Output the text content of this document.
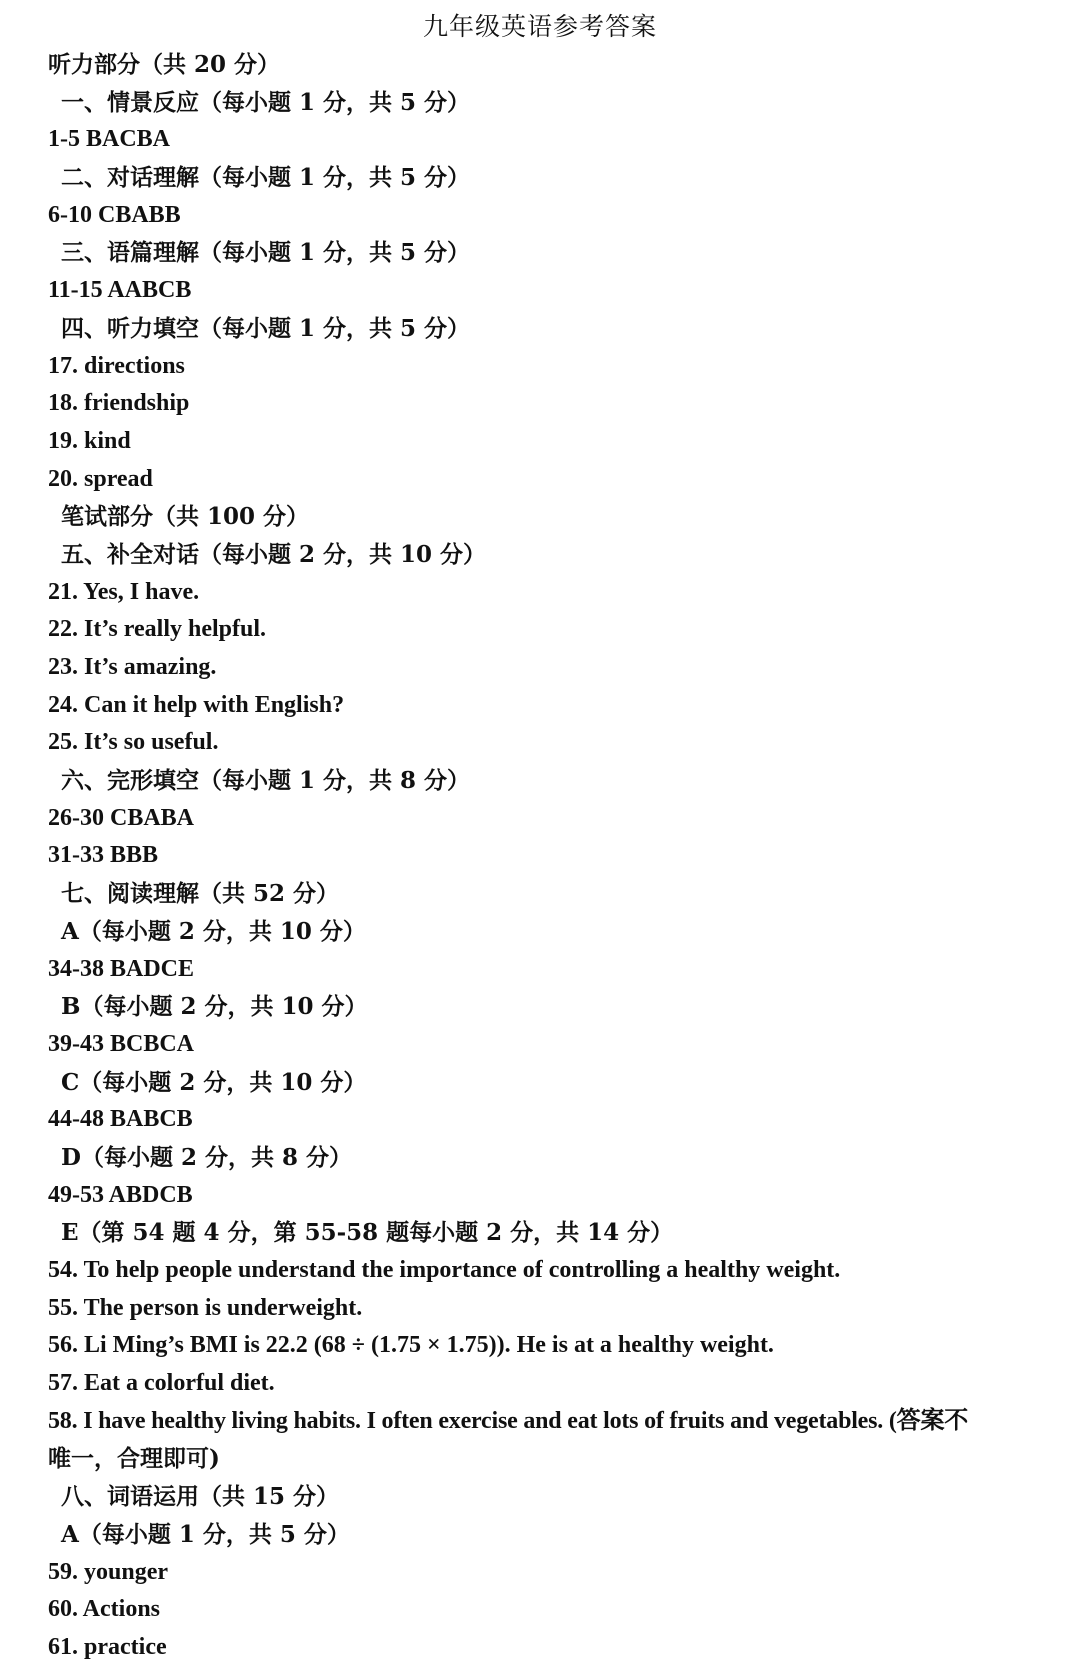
九年级英语参考答案
听力部分（共 20 分）
一、情景反应（每小题 1 分，共 5 分）
1-5 BACBA
二、对话理解（每小题 1 分，共 5 分）
6-10 CBABB
三、语篇理解（每小题 1 分，共 5 分）
11-15 AABCB
四、听力填空（每小题 1 分，共 5 分）
17. directions
18. friendship
19. kind
20. spread
笔试部分（共 100 分）
五、补全对话（每小题 2 分，共 10 分）
21. Yes, I have.
22. It’s really helpful.
23. It’s amazing.
24. Can it help with English?
25. It’s so useful.
六、完形填空（每小题 1 分，共 8 分）
26-30 CBABA
31-33 BBB
七、阅读理解（共 52 分）
A（每小题 2 分，共 10 分）
34-38 BADCE
B（每小题 2 分，共 10 分）
39-43 BCBCA
C（每小题 2 分，共 10 分）
44-48 BABCB
D（每小题 2 分，共 8 分）
49-53 ABDCB
E（第 54 题 4 分，第 55-58 题每小题 2 分，共 14 分）
54. To help people understand the importance of controlling a healthy weight.
55. The person is underweight.
56. Li Ming’s BMI is 22.2 (68 ÷ (1.75 × 1.75)). He is at a healthy weight.
57. Eat a colorful diet.
58. I have healthy living habits. I often exercise and eat lots of fruits and vegetables. (答案不
唯一，合理即可)
八、词语运用（共 15 分）
A（每小题 1 分，共 5 分）
59. younger
60. Actions
61. practice
